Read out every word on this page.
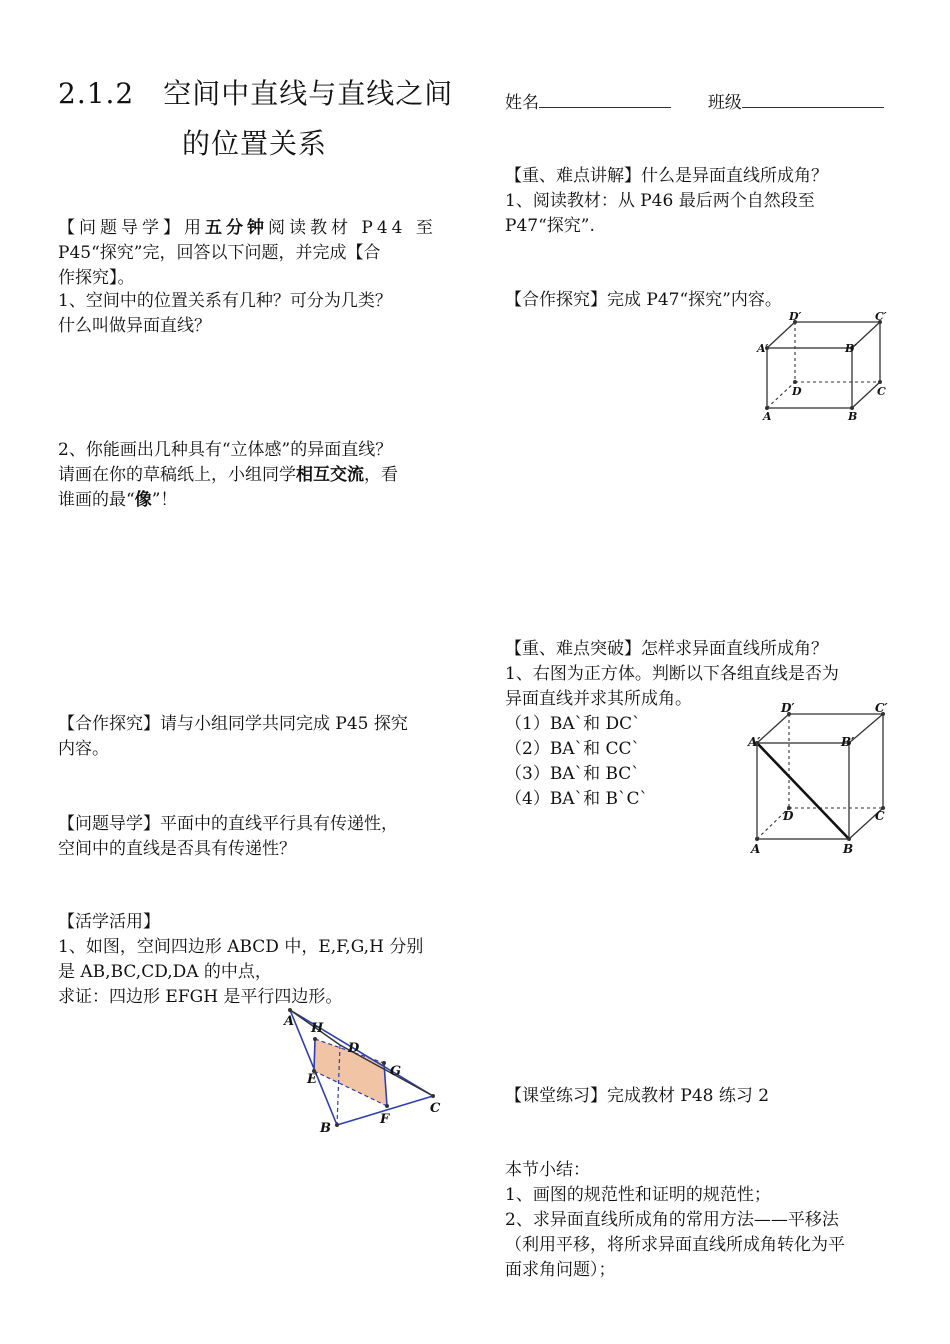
2.1.2　空间中直线与直线之间
的位置关系
姓名	班级
【问题导学】用五分钟阅读教材 P44 至
P45“探究”完，回答以下问题，并完成【合
作探究】。
1、空间中的位置关系有几种？可分为几类？
什么叫做异面直线？
2、你能画出几种具有“立体感”的异面直线？
请画在你的草稿纸上，小组同学相互交流，看
谁画的最“像”！
【合作探究】请与小组同学共同完成 P45 探究
内容。
【问题导学】平面中的直线平行具有传递性，
空间中的直线是否具有传递性？
【活学活用】
1、如图，空间四边形 ABCD 中，E,F,G,H 分别
是 AB,BC,CD,DA 的中点，
求证：四边形 EFGH 是平行四边形。
A
B
C
D
E
F
G
H
【重、难点讲解】什么是异面直线所成角？
1、阅读教材：从 P46 最后两个自然段至
P47“探究”.
【合作探究】完成 P47“探究”内容。
A	B
C
D
A′	B′
C′
D′
【重、难点突破】怎样求异面直线所成角？
1、右图为正方体。判断以下各组直线是否为
异面直线并求其所成角。
（1）BA`和 DC`
（2）BA`和 CC`
（3）BA`和 BC`
（4）BA`和 B`C`
A	B
C
D
A′	B′
C′
D′
【课堂练习】完成教材 P48 练习 2
本节小结：
1、画图的规范性和证明的规范性；
2、求异面直线所成角的常用方法——平移法
（利用平移，将所求异面直线所成角转化为平
面求角问题）；
